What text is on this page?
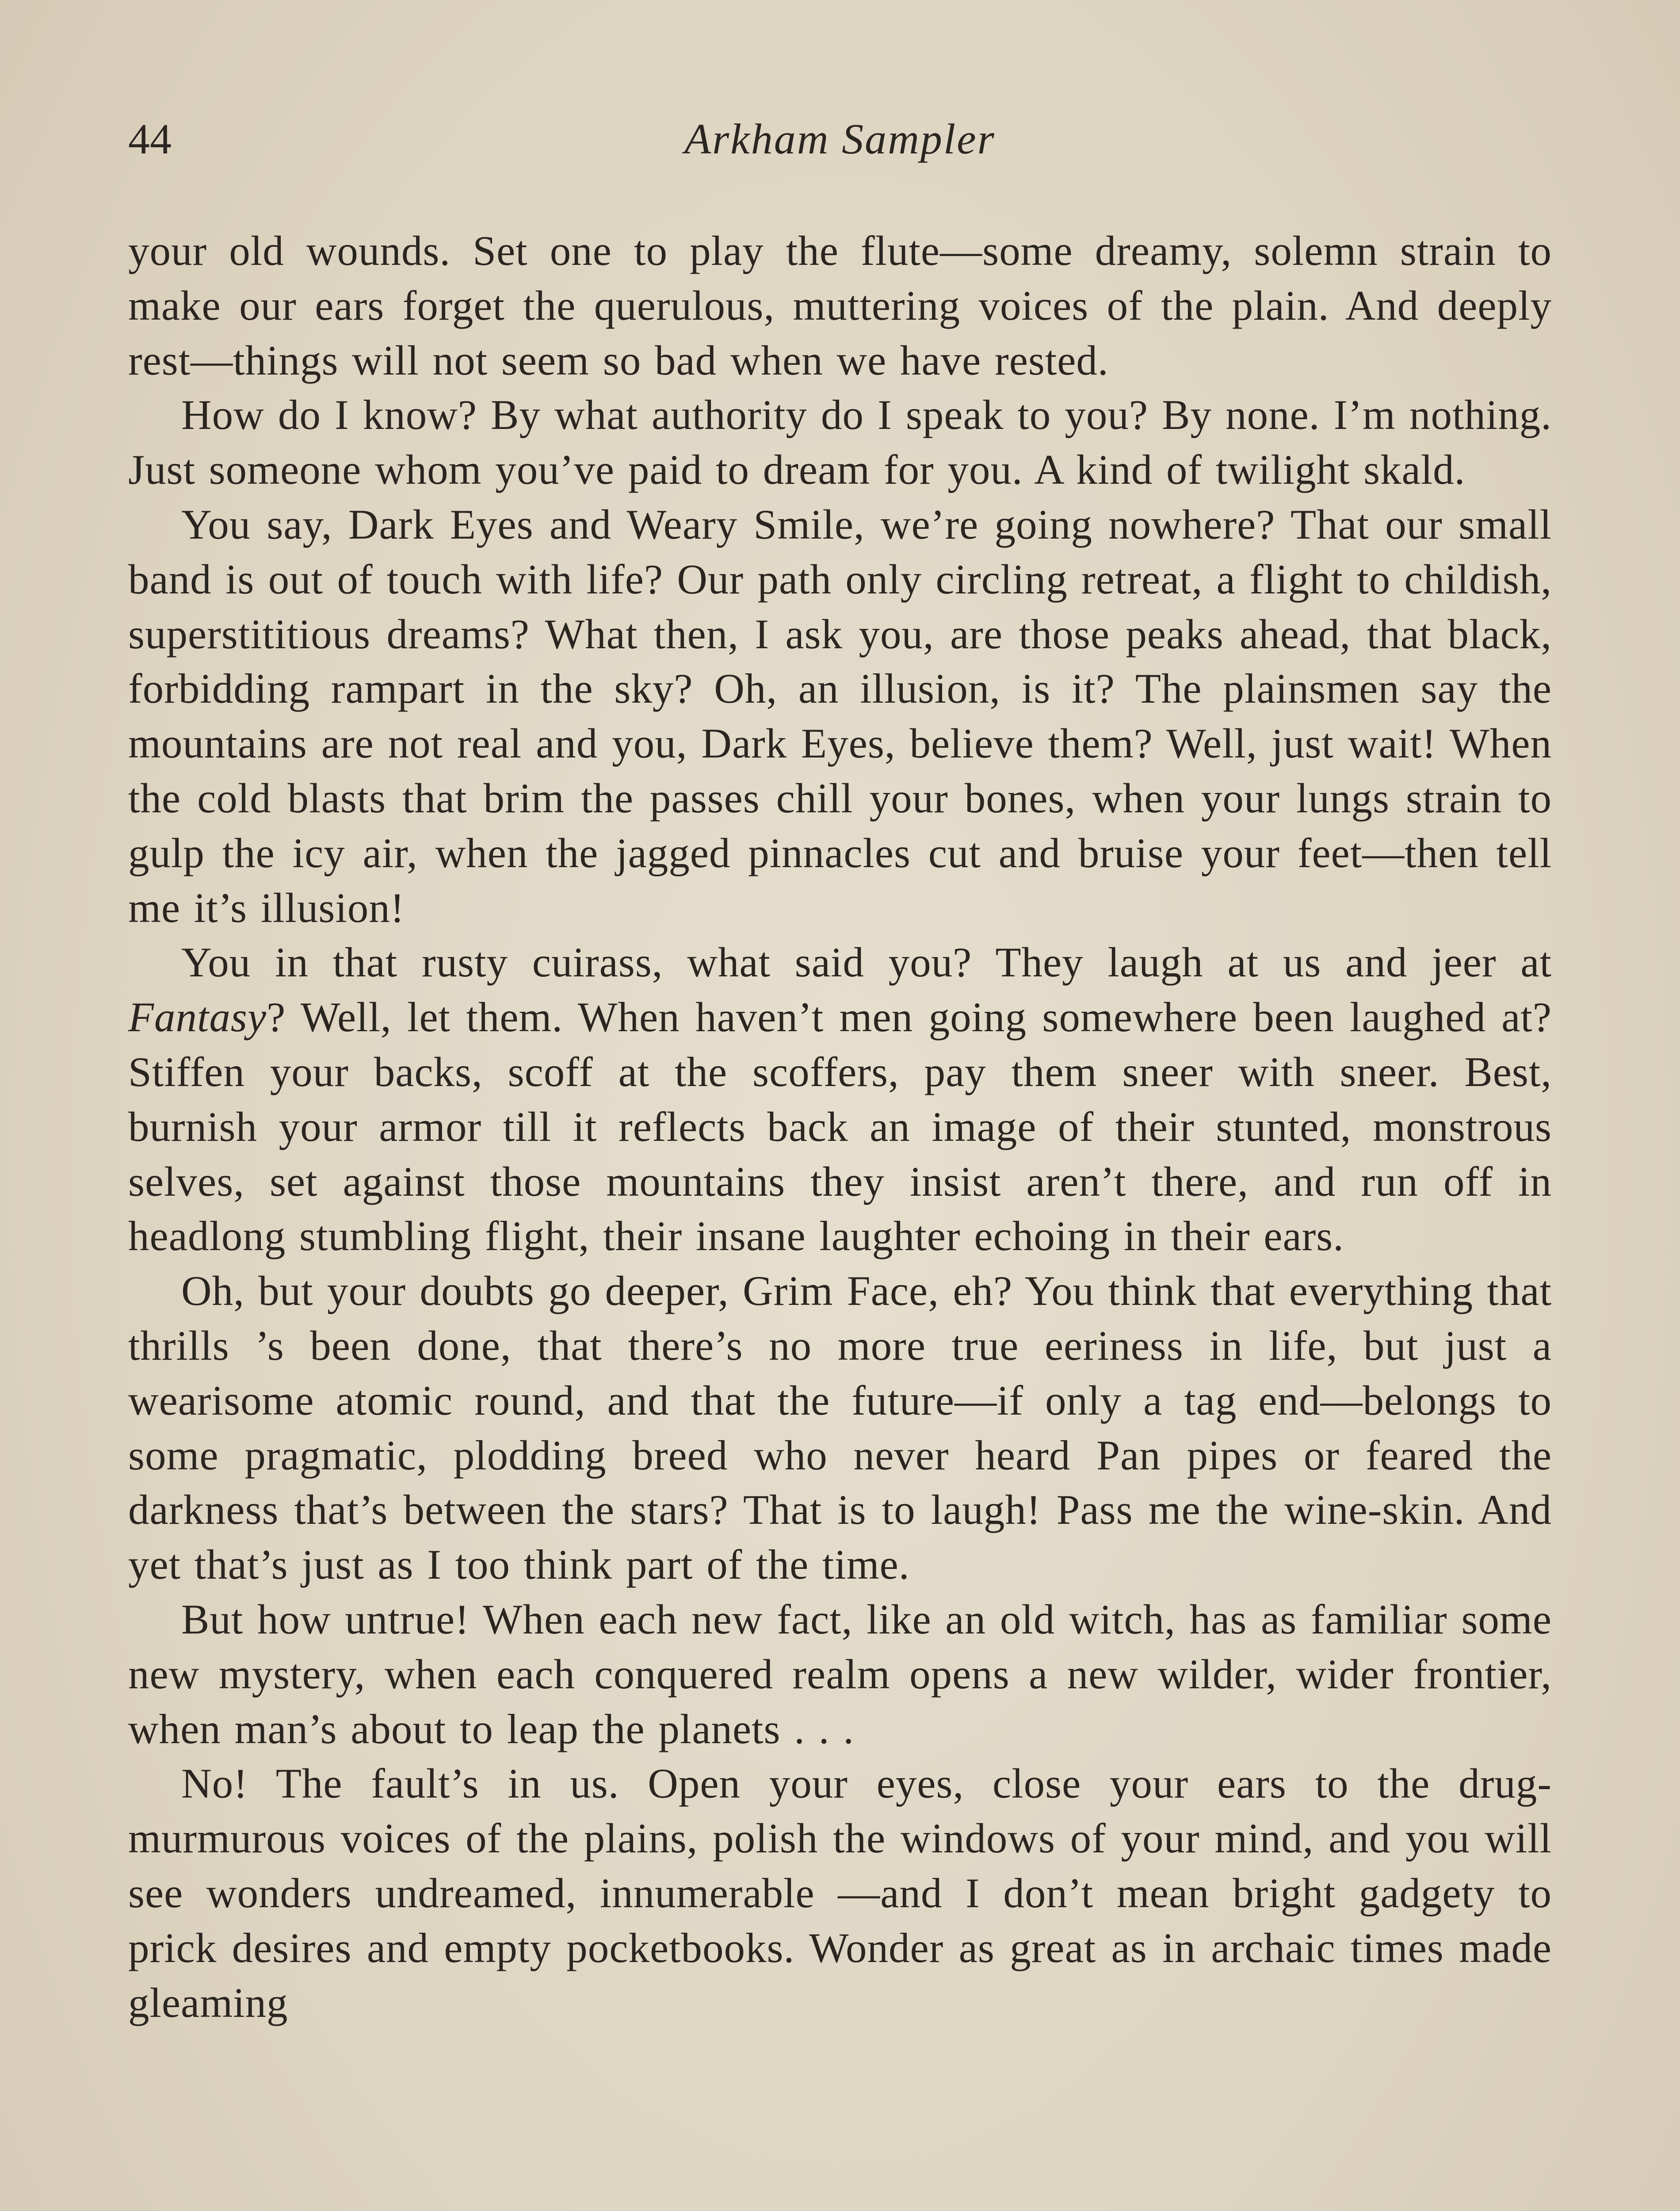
44	Arkham Sampler

your old wounds. Set one to play the flute—some dreamy, solemn strain to make our ears forget the querulous, muttering voices of the plain. And deeply rest—things will not seem so bad when we have rested.

How do I know? By what authority do I speak to you? By none. I’m nothing. Just someone whom you’ve paid to dream for you. A kind of twilight skald.

You say, Dark Eyes and Weary Smile, we’re going nowhere? That our small band is out of touch with life? Our path only circling retreat, a flight to childish, superstititious dreams? What then, I ask you, are those peaks ahead, that black, forbidding rampart in the sky? Oh, an illusion, is it? The plainsmen say the mountains are not real and you, Dark Eyes, believe them? Well, just wait! When the cold blasts that brim the passes chill your bones, when your lungs strain to gulp the icy air, when the jagged pinnacles cut and bruise your feet—then tell me it’s illusion!

You in that rusty cuirass, what said you? They laugh at us and jeer at Fantasy? Well, let them. When haven’t men going somewhere been laughed at? Stiffen your backs, scoff at the scoffers, pay them sneer with sneer. Best, burnish your armor till it reflects back an image of their stunted, monstrous selves, set against those mountains they insist aren’t there, and run off in headlong stumbling flight, their insane laughter echoing in their ears.

Oh, but your doubts go deeper, Grim Face, eh? You think that everything that thrills ’s been done, that there’s no more true eeriness in life, but just a wearisome atomic round, and that the future—if only a tag end—belongs to some pragmatic, plodding breed who never heard Pan pipes or feared the darkness that’s between the stars? That is to laugh! Pass me the wine-skin. And yet that’s just as I too think part of the time.

But how untrue! When each new fact, like an old witch, has as familiar some new mystery, when each conquered realm opens a new wilder, wider frontier, when man’s about to leap the planets . . .

No! The fault’s in us. Open your eyes, close your ears to the drug-murmurous voices of the plains, polish the windows of your mind, and you will see wonders undreamed, innumerable —and I don’t mean bright gadgety to prick desires and empty pocketbooks. Wonder as great as in archaic times made gleaming
